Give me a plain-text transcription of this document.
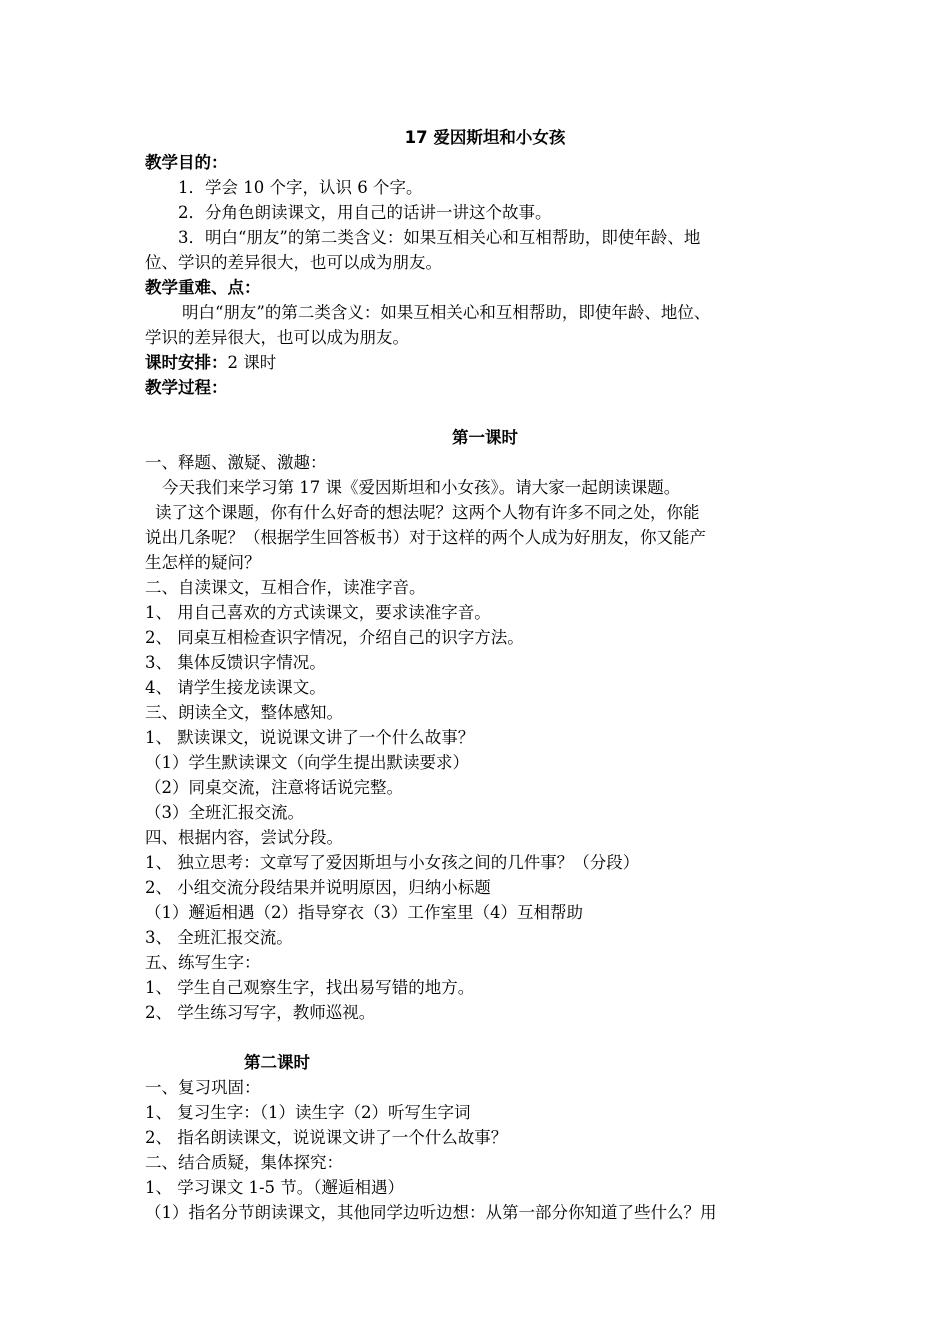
17 爱因斯坦和小女孩
教学目的：
1．学会 10 个字，认识 6 个字。
2．分角色朗读课文，用自己的话讲一讲这个故事。
3．明白“朋友”的第二类含义：如果互相关心和互相帮助，即使年龄、地
位、学识的差异很大，也可以成为朋友。
教学重难、点：
明白“朋友”的第二类含义：如果互相关心和互相帮助，即使年龄、地位、
学识的差异很大，也可以成为朋友。
课时安排：2 课时
教学过程：
第一课时
一、释题、激疑、激趣：
今天我们来学习第 17 课《爱因斯坦和小女孩》。请大家一起朗读课题。
读了这个课题，你有什么好奇的想法呢？这两个人物有许多不同之处，你能
说出几条呢？（根据学生回答板书）对于这样的两个人成为好朋友，你又能产
生怎样的疑问？
二、自渎课文，互相合作，读准字音。
1、 用自己喜欢的方式读课文，要求读准字音。
2、 同桌互相检查识字情况，介绍自己的识字方法。
3、 集体反馈识字情况。
4、 请学生接龙读课文。
三、朗读全文，整体感知。
1、 默读课文，说说课文讲了一个什么故事？
（1）学生默读课文（向学生提出默读要求）
（2）同桌交流，注意将话说完整。
（3）全班汇报交流。
四、根据内容，尝试分段。
1、 独立思考：文章写了爱因斯坦与小女孩之间的几件事？（分段）
2、 小组交流分段结果并说明原因，归纳小标题
（1）邂逅相遇（2）指导穿衣（3）工作室里（4）互相帮助
3、 全班汇报交流。
五、练写生字：
1、 学生自己观察生字，找出易写错的地方。
2、 学生练习写字，教师巡视。
第二课时
一、复习巩固：
1、 复习生字：（1）读生字（2）听写生字词
2、 指名朗读课文，说说课文讲了一个什么故事？
二、结合质疑，集体探究：
1、 学习课文 1-5 节。（邂逅相遇）
（1）指名分节朗读课文，其他同学边听边想：从第一部分你知道了些什么？用
